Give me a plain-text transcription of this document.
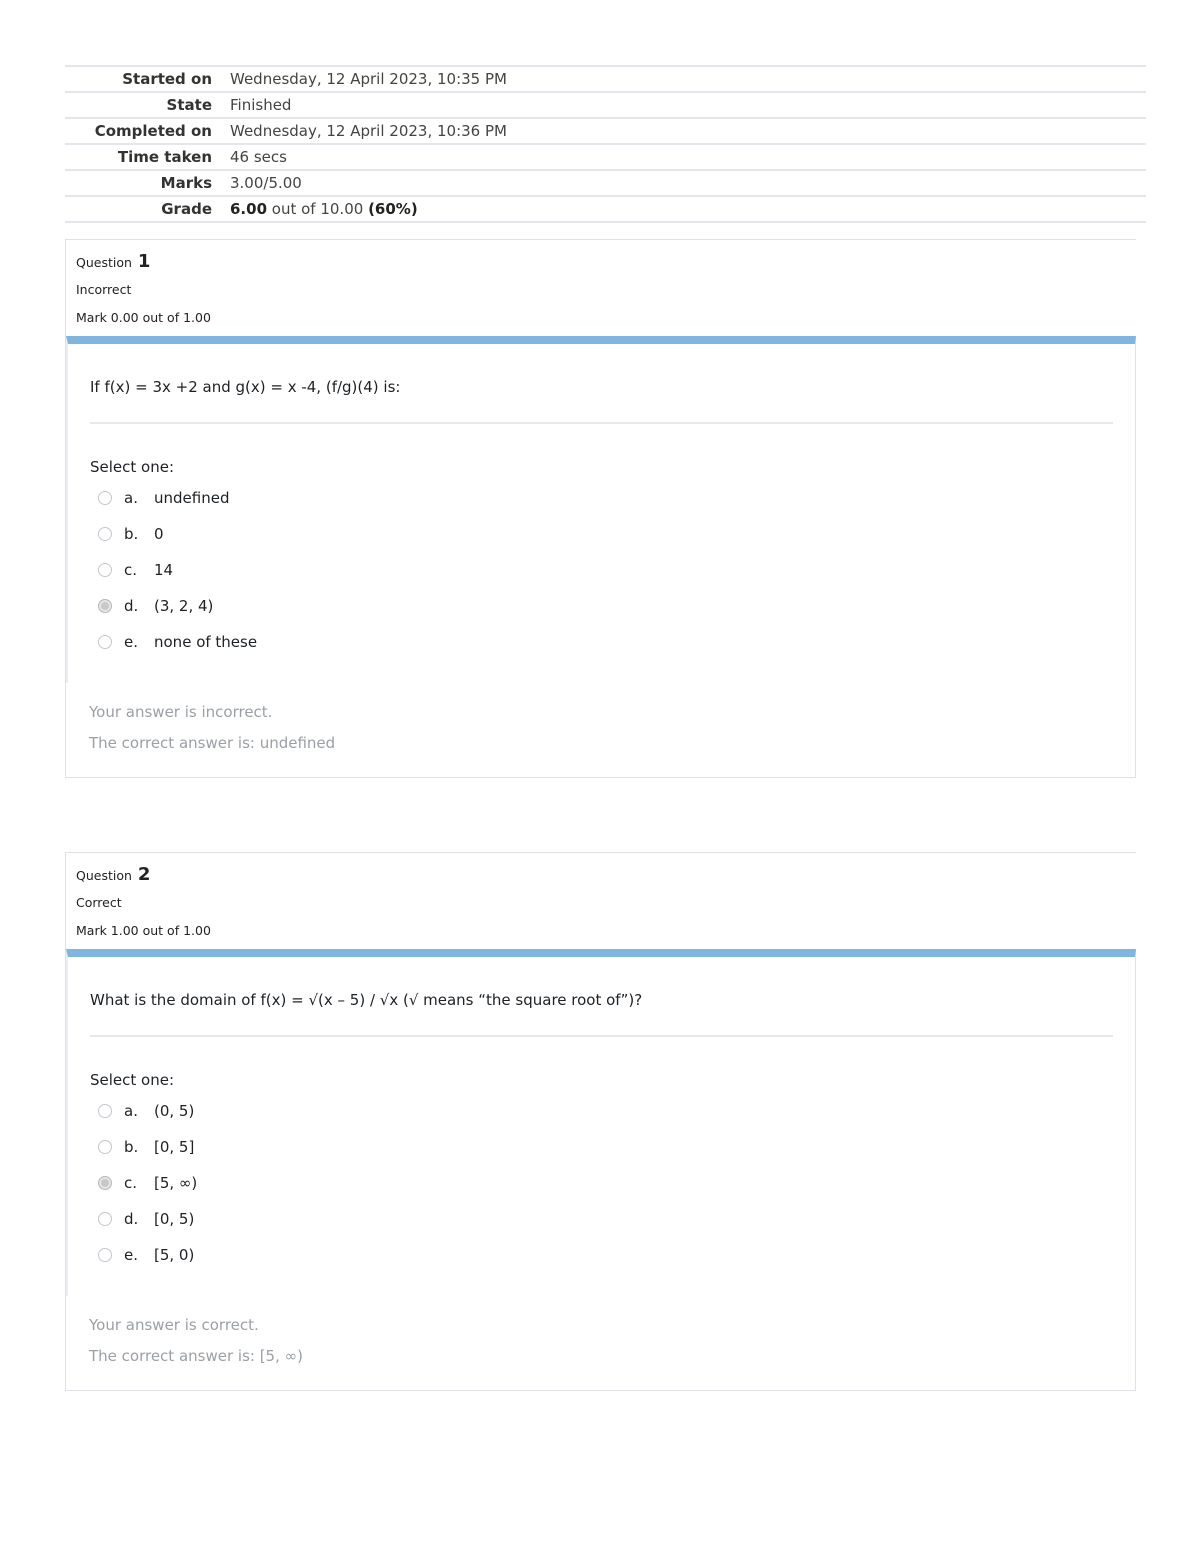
Started on	Wednesday, 12 April 2023, 10:35 PM
State	Finished
Completed on	Wednesday, 12 April 2023, 10:36 PM
Time taken	46 secs
Marks	3.00/5.00
Grade	6.00 out of 10.00 (60%)
Question 1
Incorrect
Mark 0.00 out of 1.00
If f(x) = 3x +2 and g(x) = x -4, (f/g)(4) is:
Select one:
a.	undefined
b.	0
c.	14
d.	(3, 2, 4)
e.	none of these
Your answer is incorrect.
The correct answer is: undefined
Question 2
Correct
Mark 1.00 out of 1.00
What is the domain of f(x) = √(x – 5) / √x (√ means “the square root of”)?
Select one:
a.	(0, 5)
b.	[0, 5]
c.	[5, ∞)
d.	[0, 5)
e.	[5, 0)
Your answer is correct.
The correct answer is: [5, ∞)
